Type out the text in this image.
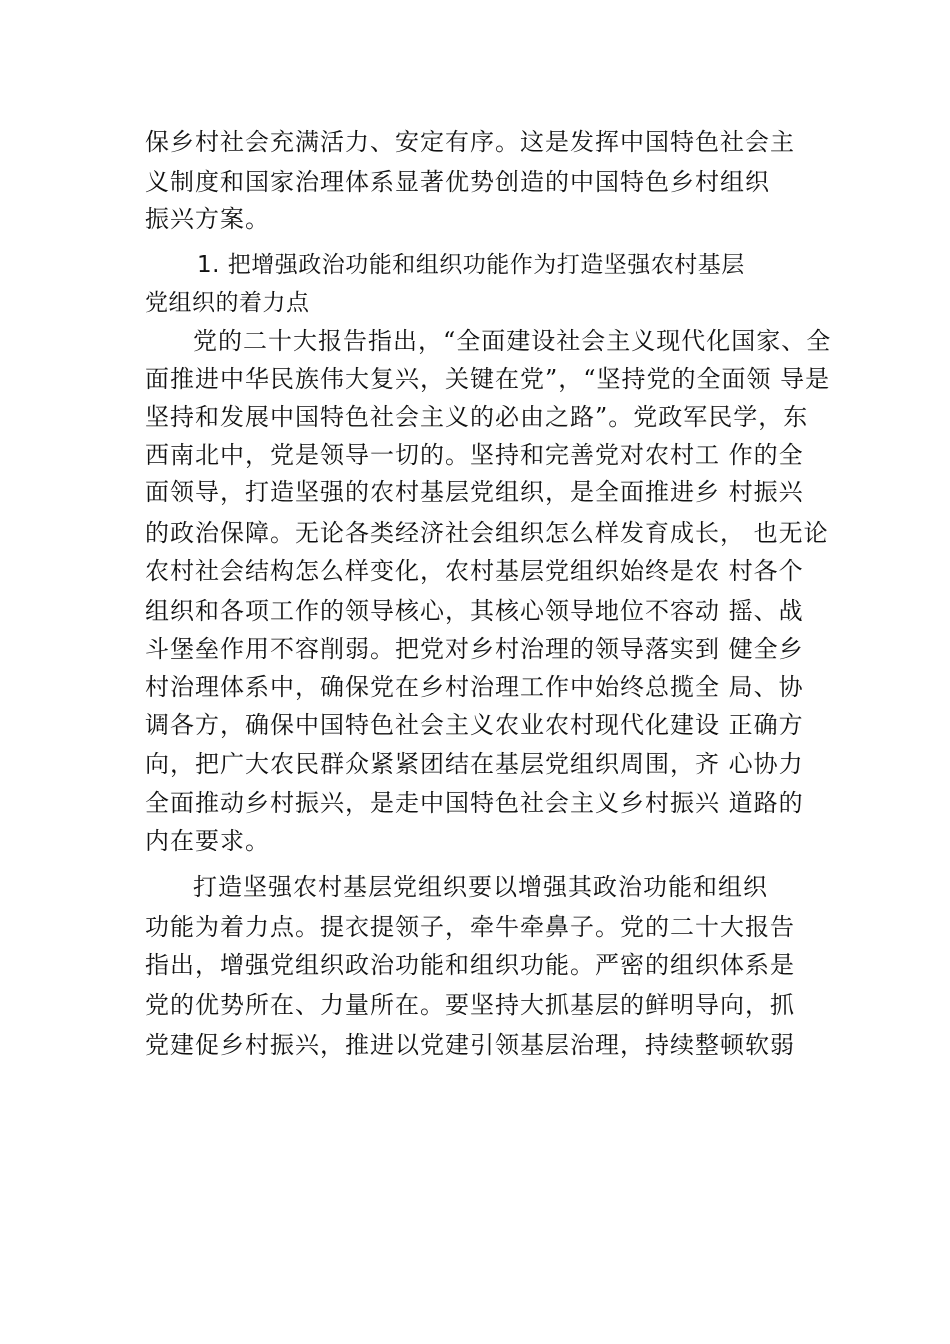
保乡村社会充满活力、安定有序。这是发挥中国特色社会主
义制度和国家治理体系显著优势创造的中国特色乡村组织
振兴方案。
1. 把增强政治功能和组织功能作为打造坚强农村基层
党组织的着力点
党的二十大报告指出，“全面建设社会主义现代化国家、全
面推进中华民族伟大复兴，关键在党”，“坚持党的全面领 导是
坚持和发展中国特色社会主义的必由之路”。党政军民学，东
西南北中，党是领导一切的。坚持和完善党对农村工 作的全
面领导，打造坚强的农村基层党组织，是全面推进乡 村振兴
的政治保障。无论各类经济社会组织怎么样发育成长， 也无论
农村社会结构怎么样变化，农村基层党组织始终是农 村各个
组织和各项工作的领导核心，其核心领导地位不容动 摇、战
斗堡垒作用不容削弱。把党对乡村治理的领导落实到 健全乡
村治理体系中，确保党在乡村治理工作中始终总揽全 局、协
调各方，确保中国特色社会主义农业农村现代化建设 正确方
向，把广大农民群众紧紧团结在基层党组织周围，齐 心协力
全面推动乡村振兴，是走中国特色社会主义乡村振兴 道路的
内在要求。
打造坚强农村基层党组织要以增强其政治功能和组织
功能为着力点。提衣提领子，牵牛牵鼻子。党的二十大报告
指出，增强党组织政治功能和组织功能。严密的组织体系是
党的优势所在、力量所在。要坚持大抓基层的鲜明导向，抓
党建促乡村振兴，推进以党建引领基层治理，持续整顿软弱
